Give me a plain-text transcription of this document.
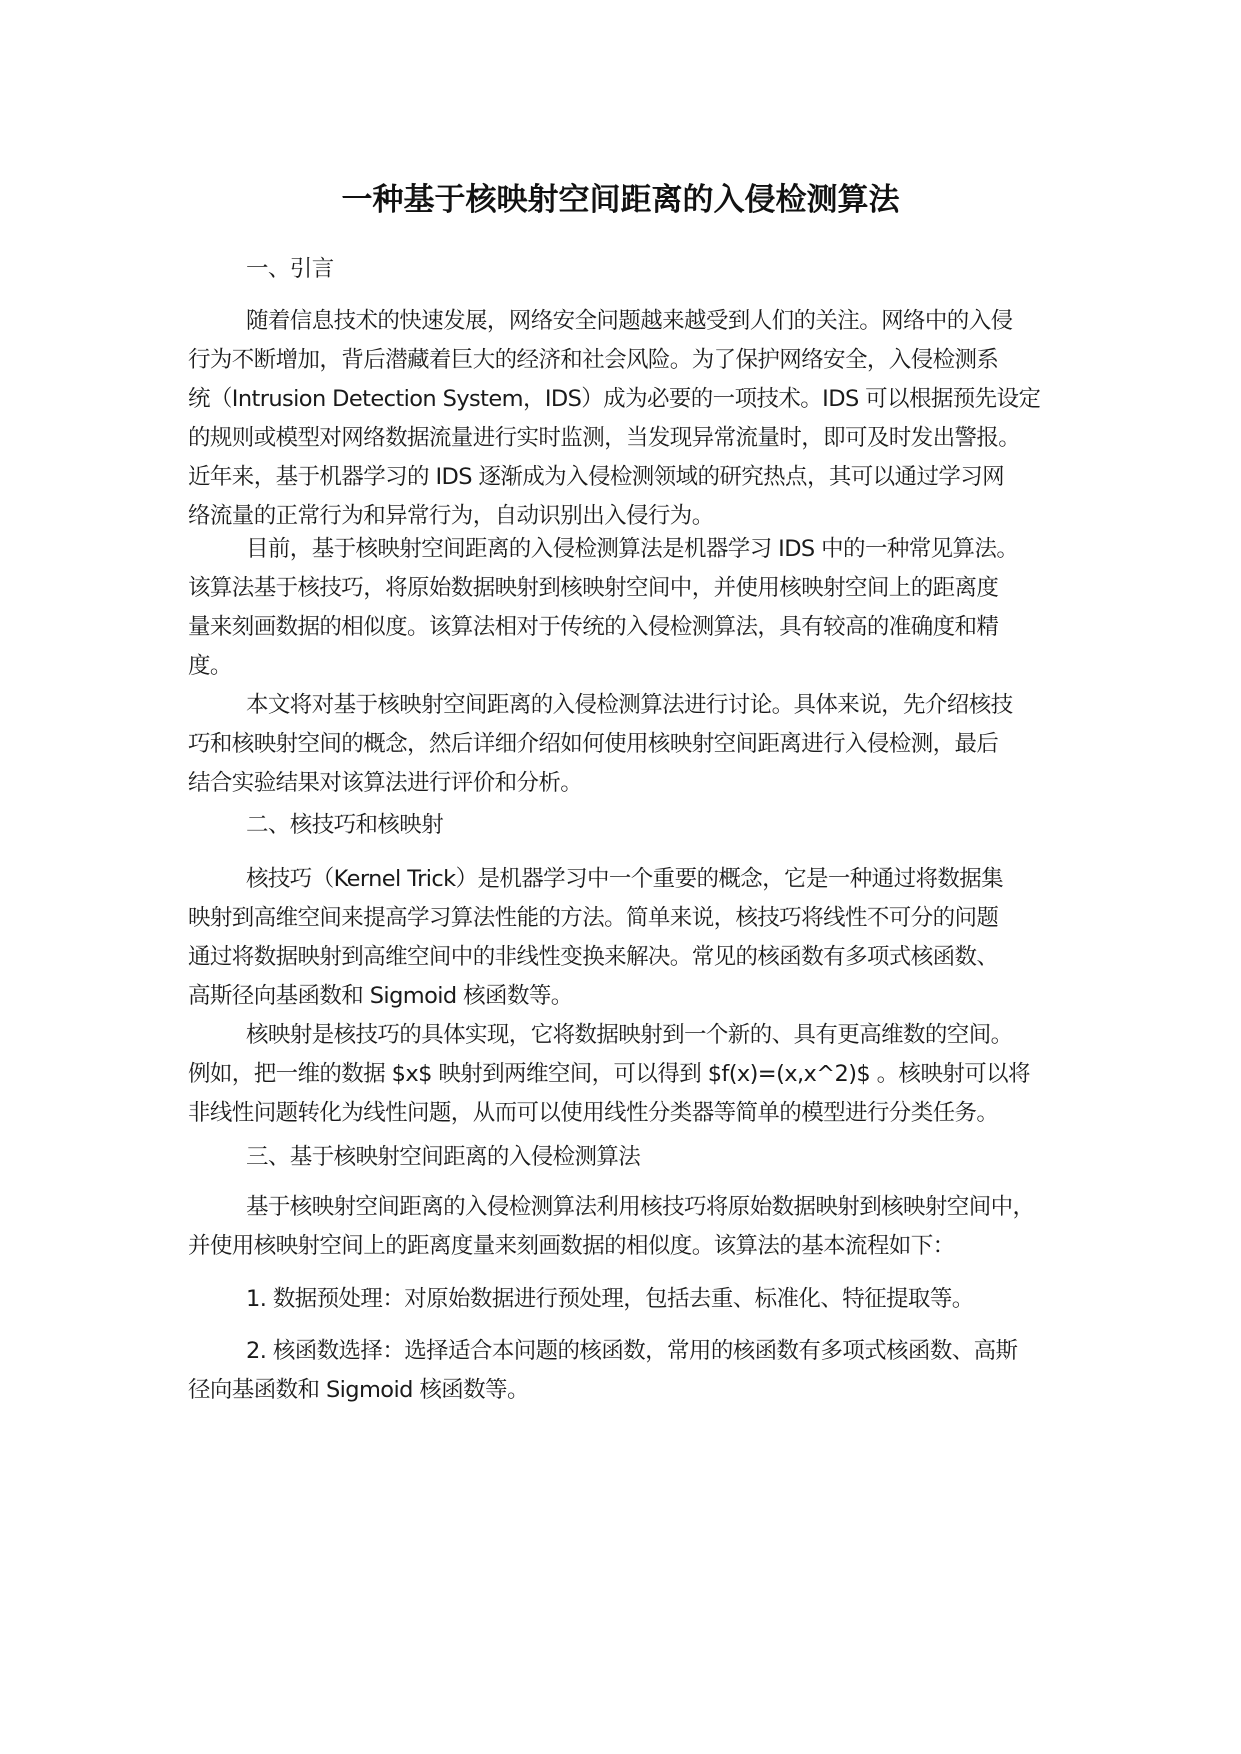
一种基于核映射空间距离的入侵检测算法

一、引言

随着信息技术的快速发展，网络安全问题越来越受到人们的关注。网络中的入侵
行为不断增加，背后潜藏着巨大的经济和社会风险。为了保护网络安全，入侵检测系
统（Intrusion Detection System，IDS）成为必要的一项技术。IDS 可以根据预先设定
的规则或模型对网络数据流量进行实时监测，当发现异常流量时，即可及时发出警报。
近年来，基于机器学习的 IDS 逐渐成为入侵检测领域的研究热点，其可以通过学习网
络流量的正常行为和异常行为，自动识别出入侵行为。
目前，基于核映射空间距离的入侵检测算法是机器学习 IDS 中的一种常见算法。
该算法基于核技巧，将原始数据映射到核映射空间中，并使用核映射空间上的距离度
量来刻画数据的相似度。该算法相对于传统的入侵检测算法，具有较高的准确度和精
度。
本文将对基于核映射空间距离的入侵检测算法进行讨论。具体来说，先介绍核技
巧和核映射空间的概念，然后详细介绍如何使用核映射空间距离进行入侵检测，最后
结合实验结果对该算法进行评价和分析。

二、核技巧和核映射

核技巧（Kernel Trick）是机器学习中一个重要的概念，它是一种通过将数据集
映射到高维空间来提高学习算法性能的方法。简单来说，核技巧将线性不可分的问题
通过将数据映射到高维空间中的非线性变换来解决。常见的核函数有多项式核函数、
高斯径向基函数和 Sigmoid 核函数等。
核映射是核技巧的具体实现，它将数据映射到一个新的、具有更高维数的空间。
例如，把一维的数据 $x$ 映射到两维空间，可以得到 $f(x)=(x,x^2)$ 。核映射可以将
非线性问题转化为线性问题，从而可以使用线性分类器等简单的模型进行分类任务。

三、基于核映射空间距离的入侵检测算法

基于核映射空间距离的入侵检测算法利用核技巧将原始数据映射到核映射空间中，
并使用核映射空间上的距离度量来刻画数据的相似度。该算法的基本流程如下：
1. 数据预处理：对原始数据进行预处理，包括去重、标准化、特征提取等。
2. 核函数选择：选择适合本问题的核函数，常用的核函数有多项式核函数、高斯
径向基函数和 Sigmoid 核函数等。
